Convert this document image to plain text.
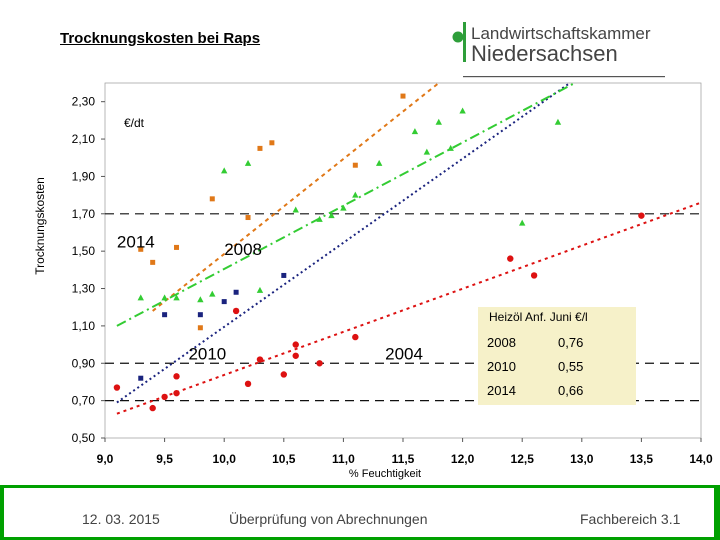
Trocknungskosten bei Raps	Landwirtschaftskammer
Niedersachsen
0,50
0,70
0,90
1,10
1,30
1,50
1,70
1,90
2,10
2,30
9,0	9,5	10,0	10,5	11,0	11,5	12,0	12,5	13,0	13,5	14,0
2014	2008
2010	2004
Trocknungskosten
€/dt
% Feuchtigkeit
Heizöl Anf. Juni €/l
2008	0,76
2010	0,55
2014	0,66
12. 03. 2015	Überprüfung von Abrechnungen	Fachbereich 3.1
